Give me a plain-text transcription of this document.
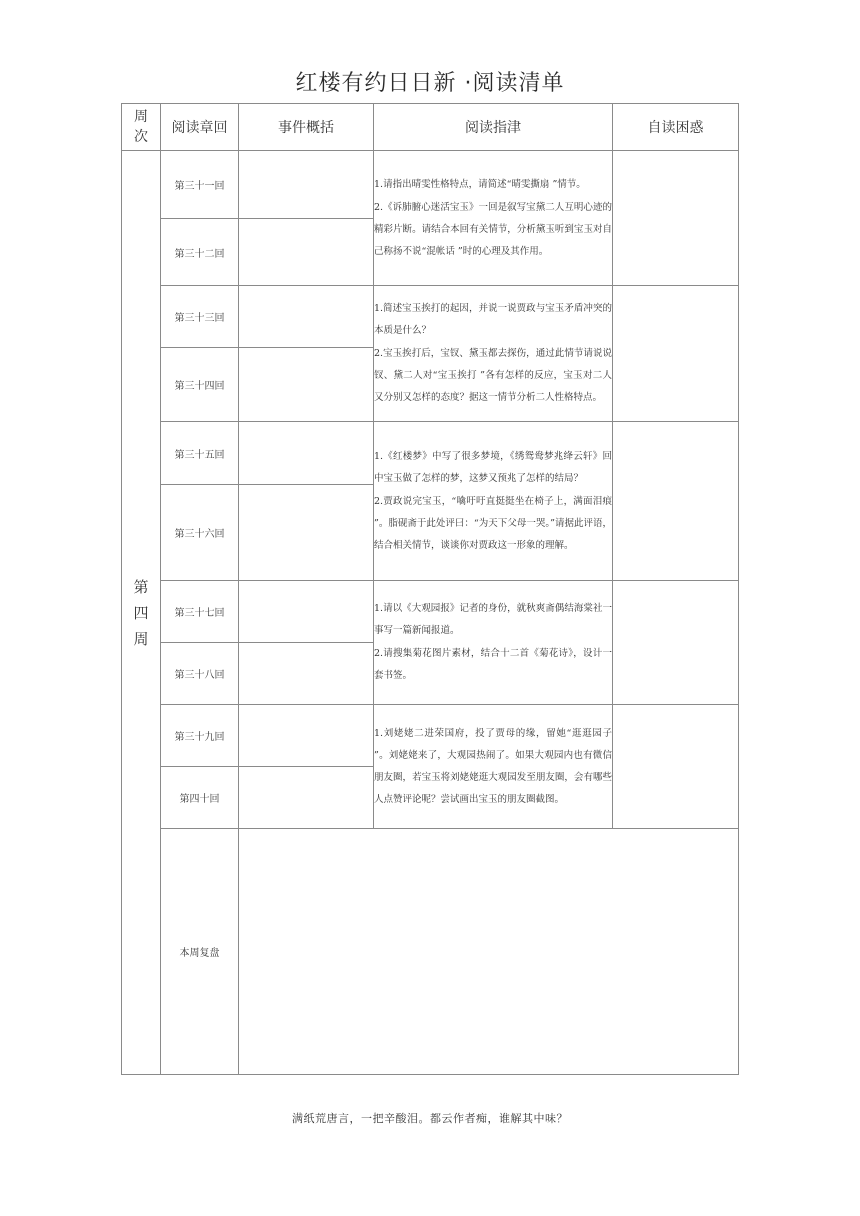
红楼有约日日新 ·阅读清单
周次	阅读章回	事件概括	阅读指津	自读困惑
第四周	第三十一回		1.请指出晴雯性格特点，请简述“晴雯撕扇 ”情节。

2.《诉肺腑心迷活宝玉》一回是叙写宝黛二人互明心迹的精彩片断。请结合本回有关情节，分析黛玉听到宝玉对自己称扬不说“混帐话 ”时的心理及其作用。	

	第三十二回			
	第三十三回		1.简述宝玉挨打的起因，并说一说贾政与宝玉矛盾冲突的本质是什么？

2.宝玉挨打后，宝钗、黛玉都去探伤，通过此情节请说说钗、黛二人对“宝玉挨打 ”各有怎样的反应，宝玉对二人又分别又怎样的态度？据这一情节分析二人性格特点。	

	第三十四回			
	第三十五回		1.《红楼梦》中写了很多梦境，《绣鸳鸯梦兆绛云轩》回中宝玉做了怎样的梦，这梦又预兆了怎样的结局？

2.贾政说完宝玉，“噙吁吁直挺挺坐在椅子上，满面泪痕 ”。脂砚斋于此处评曰：“为天下父母一哭。”请据此评语，结合相关情节，谈谈你对贾政这一形象的理解。	

	第三十六回			
	第三十七回		1.请以《大观园报》记者的身份，就秋爽斋偶结海棠社一事写一篇新闻报道。

2.请搜集菊花图片素材，结合十二首《菊花诗》，设计一套书签。	

	第三十八回			
	第三十九回		1.刘姥姥二进荣国府，投了贾母的缘，留她“逛逛园子 ”。刘姥姥来了，大观园热闹了。如果大观园内也有微信朋友圈，若宝玉将刘姥姥逛大观园发至朋友圈，会有哪些人点赞评论呢？尝试画出宝玉的朋友圈截图。	

	第四十回			
	本周复盘			
满纸荒唐言，一把辛酸泪。都云作者痴，谁解其中味？
